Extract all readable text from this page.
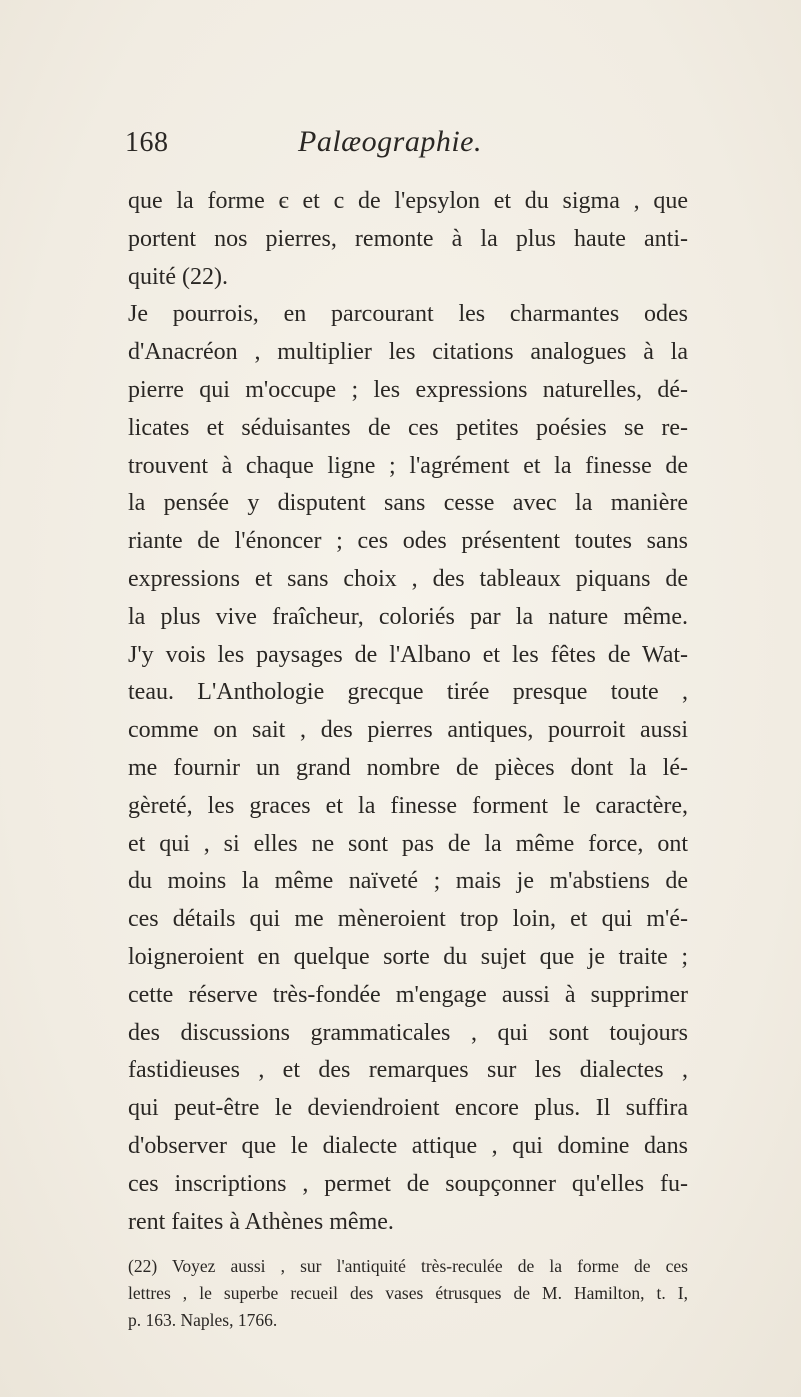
168	Palæographie.
que la forme є et c de l'epsylon et du sigma , que
portent nos pierres, remonte à la plus haute anti-
quité (22).
Je pourrois, en parcourant les charmantes odes
d'Anacréon , multiplier les citations analogues à la
pierre qui m'occupe ; les expressions naturelles, dé-
licates et séduisantes de ces petites poésies se re-
trouvent à chaque ligne ; l'agrément et la finesse de
la pensée y disputent sans cesse avec la manière
riante de l'énoncer ; ces odes présentent toutes sans
expressions et sans choix , des tableaux piquans de
la plus vive fraîcheur, coloriés par la nature même.
J'y vois les paysages de l'Albano et les fêtes de Wat-
teau. L'Anthologie grecque tirée presque toute ,
comme on sait , des pierres antiques, pourroit aussi
me fournir un grand nombre de pièces dont la lé-
gèreté, les graces et la finesse forment le caractère,
et qui , si elles ne sont pas de la même force, ont
du moins la même naïveté ; mais je m'abstiens de
ces détails qui me mèneroient trop loin, et qui m'é-
loigneroient en quelque sorte du sujet que je traite ;
cette réserve très-fondée m'engage aussi à supprimer
des discussions grammaticales , qui sont toujours
fastidieuses , et des remarques sur les dialectes ,
qui peut-être le deviendroient encore plus. Il suffira
d'observer que le dialecte attique , qui domine dans
ces inscriptions , permet de soupçonner qu'elles fu-
rent faites à Athènes même.
(22) Voyez aussi , sur l'antiquité très-reculée de la forme de ces
lettres , le superbe recueil des vases étrusques de M. Hamilton, t. I,
p. 163. Naples, 1766.
